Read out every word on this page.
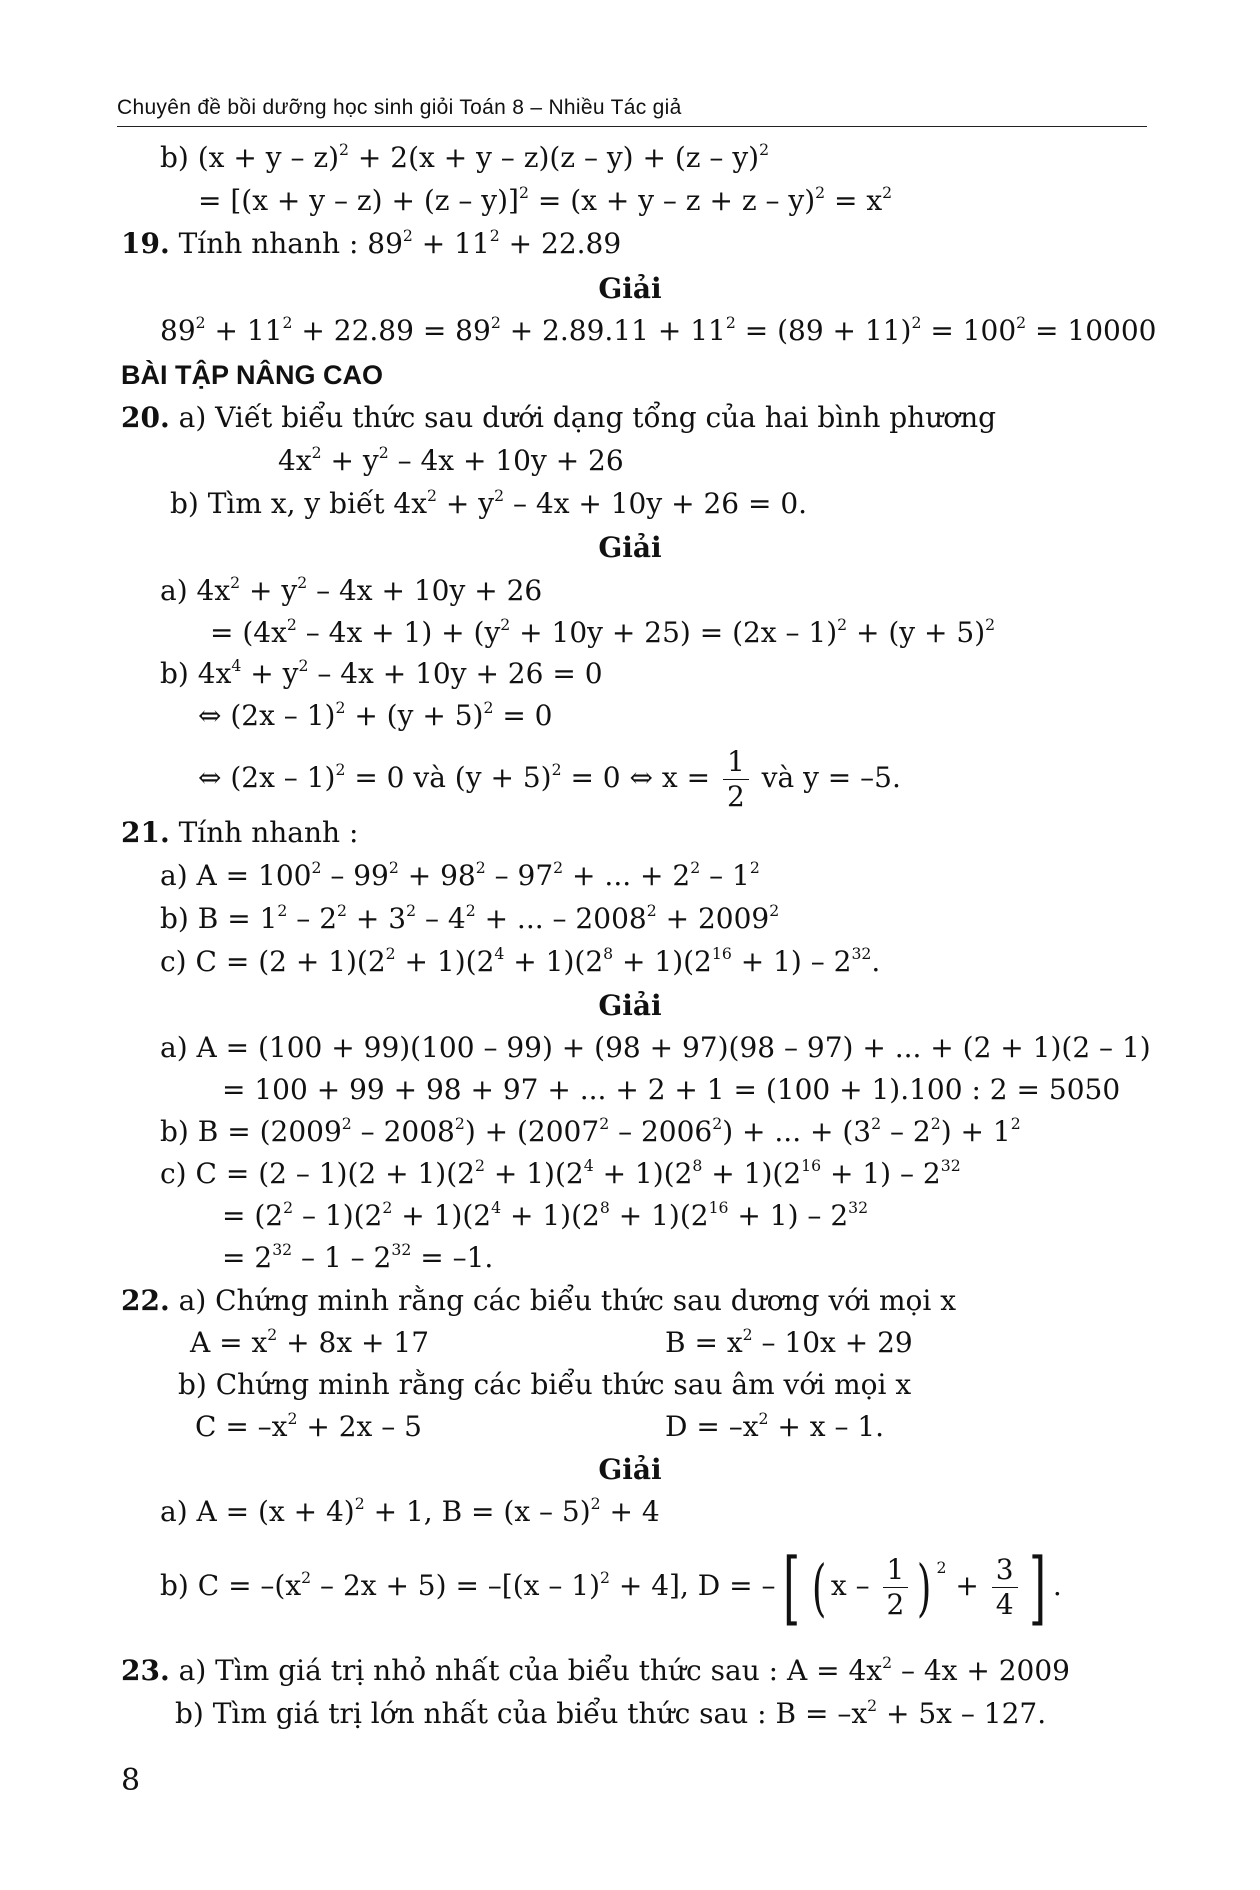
Chuyên đề bồi dưỡng học sinh giỏi Toán 8 – Nhiều Tác giả
b) $(x + y - z)^2 + 2(x + y - z)(z - y) + (z - y)^2$
= $[(x + y - z) + (z - y)]^2 = (x + y - z + z - y)^2 = x^2$
19. Tính nhanh : $89^2 + 11^2 + 22.89$
Giải
$89^2 + 11^2 + 22.89 = 89^2 + 2.89.11 + 11^2 = (89 + 11)^2 = 100^2 = 10000$
BÀI TẬP NÂNG CAO
20. a) Viết biểu thức sau dưới dạng tổng của hai bình phương
$4x^2 + y^2 - 4x + 10y + 26$
b) Tìm x, y biết $4x^2 + y^2 - 4x + 10y + 26 = 0$.
Giải
a) $4x^2 + y^2 - 4x + 10y + 26$
= $(4x^2 - 4x + 1) + (y^2 + 10y + 25) = (2x - 1)^2 + (y + 5)^2$
b) $4x^4 + y^2 - 4x + 10y + 26 = 0$
⇔ $(2x - 1)^2 + (y + 5)^2 = 0$
⇔ (2x – 1)$^2$ = 0 và $(y + 5)^2 = 0$ ⇔ $x = \frac{1}{2}$ và y = –5.
21. Tính nhanh :
a) $A = 100^2 - 99^2 + 98^2 - 97^2$ + ... + $2^2 - 1^2$
b) $B = 1^2 - 2^2 + 3^2 - 4^2$ + ... – $2008^2 + 2009^2$
c) $C = (2 + 1)(2^2 + 1)(2^4 + 1)(2^8 + 1)(2^{16} + 1) - 2^{32}$.
Giải
a) A = (100 + 99)(100 – 99) + (98 + 97)(98 – 97) + ... + (2 + 1)(2 – 1)
= 100 + 99 + 98 + 97 + ... + 2 + 1 = (100 + 1).100 : 2 = 5050
b) $B = (2009^2 - 2008^2) + (2007^2 - 2006^2)$ + ... + $(3^2 - 2^2) + 1^2$
c) $C = (2 - 1)(2 + 1)(2^2 + 1)(2^4 + 1)(2^8 + 1)(2^{16} + 1) - 2^{32}$
= $(2^2 - 1)(2^2 + 1)(2^4 + 1)(2^8 + 1)(2^{16} + 1) - 2^{32}$
= $2^{32} - 1 - 2^{32} = -1$.
22. a) Chứng minh rằng các biểu thức sau dương với mọi x
$A = x^2 + 8x + 17$	$B = x^2 - 10x + 29$
b) Chứng minh rằng các biểu thức sau âm với mọi x
$C = -x^2 + 2x - 5$	$D = -x^2 + x - 1$.
Giải
a) $A = (x + 4)^2 + 1$, B = (x – 5)$^2$ + 4
b) $C = -(x^2 - 2x + 5) = -[(x - 1)^2 + 4]$, D = –[ ( x – $\frac{1}{2}$ ) $^2 + \frac{3}{4}$ ] .
23. a) Tìm giá trị nhỏ nhất của biểu thức sau : $A = 4x^2 - 4x + 2009$
b) Tìm giá trị lớn nhất của biểu thức sau : $B = -x^2 + 5x - 127$.
8
